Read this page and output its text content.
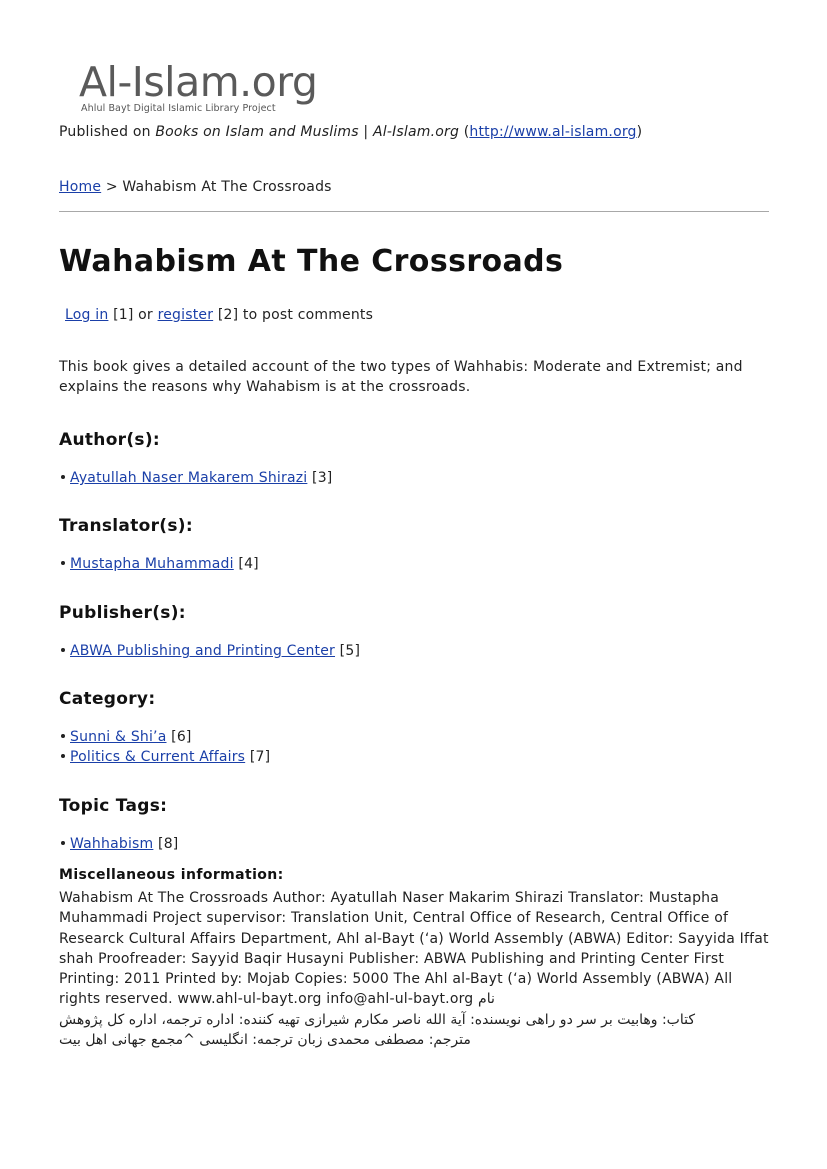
Al-Islam.org
Ahlul Bayt Digital Islamic Library Project
Published on Books on Islam and Muslims | Al-Islam.org (http://www.al-islam.org)
Home > Wahabism At The Crossroads
Wahabism At The Crossroads
Log in [1] or register [2] to post comments
This book gives a detailed account of the two types of Wahhabis: Moderate and Extremist; and explains the reasons why Wahabism is at the crossroads.
Author(s):
Ayatullah Naser Makarem Shirazi [3]
Translator(s):
Mustapha Muhammadi [4]
Publisher(s):
ABWA Publishing and Printing Center [5]
Category:
Sunni & Shi’a [6]
Politics & Current Affairs [7]
Topic Tags:
Wahhabism [8]
Miscellaneous information:
Wahabism At The Crossroads Author: Ayatullah Naser Makarim Shirazi Translator: Mustapha Muhammadi Project supervisor: Translation Unit, Central Office of Research, Central Office of Researck Cultural Affairs Department, Ahl al-Bayt (‘a) World Assembly (ABWA) Editor: Sayyida Iffat shah Proofreader: Sayyid Baqir Husayni Publisher: ABWA Publishing and Printing Center First Printing: 2011 Printed by: Mojab Copies: 5000 The Ahl al-Bayt (‘a) World Assembly (ABWA) All rights reserved. www.ahl-ul-bayt.org info@ahl-ul-bayt.org نام
کتاب: وهابیت بر سر دو راهی نویسنده: آیة الله ناصر مکارم شیرازی تهیه کننده: اداره ترجمه، اداره کل پژوهش
مترجم: مصطفی محمدی زبان ترجمه: انگلیسی ^مجمع جهانی اهل بیت
